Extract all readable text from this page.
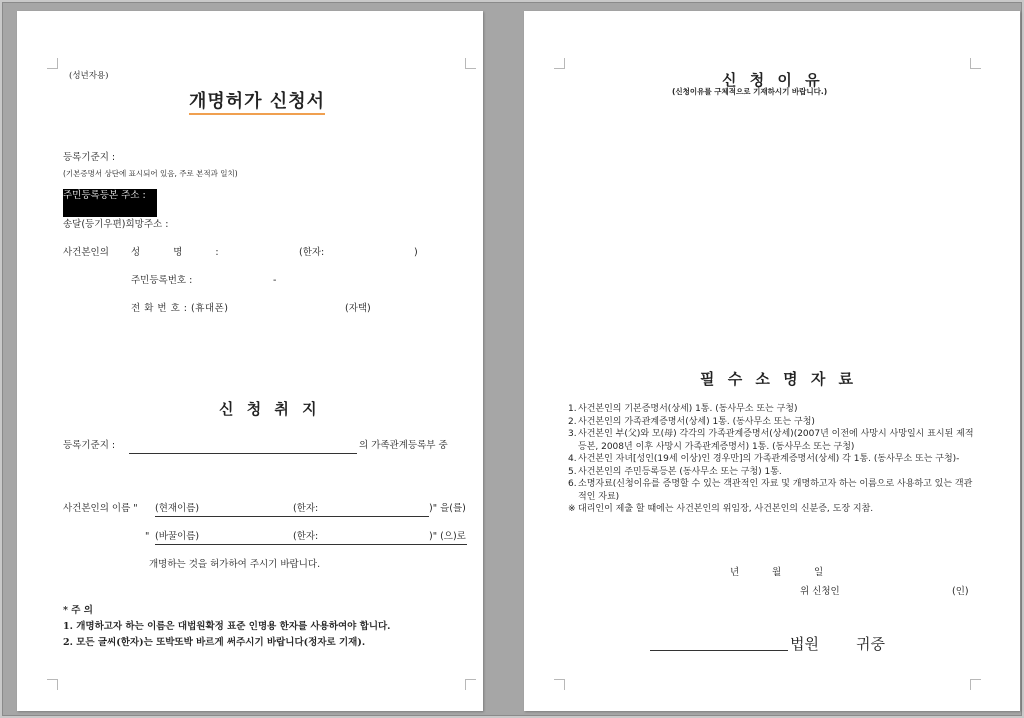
(성년자용)
개명허가 신청서
등록기준지 :
(기본증명서 상단에 표시되어 있음, 주로 본적과 일치)
주민등록등본 주소 :
송달(등기우편)희망주소 :
사건본인의 성 명 :	(한자:	)
주민등록번호 :	-
전 화 번 호 : (휴대폰)	(자택)
신 청 취 지
등록기준지 :	의 가족관계등록부 중
사건본인의 이름 " (현재이름)	(한자:	)" 을(를)
" (바꿀이름)	(한자:	)" (으)로
개명하는 것을 허가하여 주시기 바랍니다.
* 주 의
1. 개명하고자 하는 이름은 대법원확정 표준 인명용 한자를 사용하여야 합니다.
2. 모든 글씨(한자)는 또박또박 바르게 써주시기 바랍니다(정자로 기재).
신 청 이 유
(신청이유를 구체적으로 기재하시기 바랍니다.)
필 수 소 명 자 료
1. 사건본인의 기본증명서(상세) 1통. (동사무소 또는 구청)
2. 사건본인의 가족관계증명서(상세) 1통. (동사무소 또는 구청)
3. 사건본인 부(父)와 모(母) 각각의 가족관계증명서(상세)(2007년 이전에 사망시 사망일시 표시된 제적등본, 2008년 이후 사망시 가족관계증명서) 1통. (동사무소 또는 구청)
4. 사건본인 자녀[성인(19세 이상)인 경우만]의 가족관계증명서(상세) 각 1통. (동사무소 또는 구청)-
5. 사건본인의 주민등록등본 (동사무소 또는 구청) 1통.
6. 소명자료(신청이유를 증명할 수 있는 객관적인 자료 및 개명하고자 하는 이름으로 사용하고 있는 객관적인 자료)
※ 대리인이 제출 할 때에는 사건본인의 위임장, 사건본인의 신분증, 도장 지참.
년	월	일
위 신청인	(인)
법원 귀중
